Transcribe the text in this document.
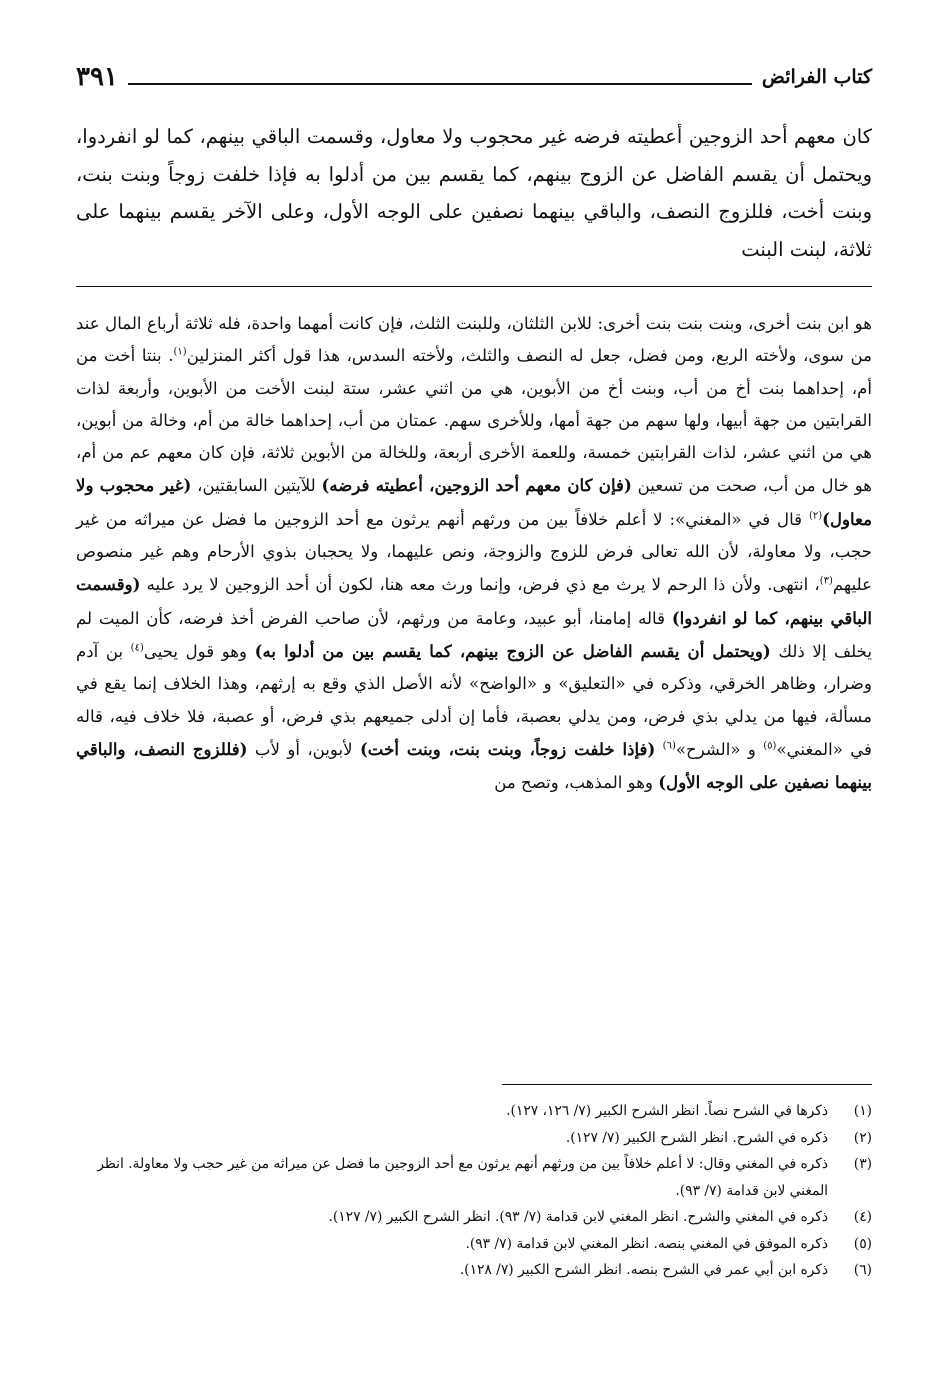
كتاب الفرائض
٣٩١

كان معهم أحد الزوجين أعطيته فرضه غير محجوب ولا معاول، وقسمت الباقي بينهم، كما لو انفردوا، ويحتمل أن يقسم الفاضل عن الزوج بينهم، كما يقسم بين من أدلوا به فإذا خلفت زوجاً وبنت بنت، وبنت أخت، فللزوج النصف، والباقي بينهما نصفين على الوجه الأول، وعلى الآخر يقسم بينهما على ثلاثة، لبنت البنت

هو ابن بنت أخرى، وبنت بنت بنت أخرى: للابن الثلثان، وللبنت الثلث، فإن كانت أمهما واحدة، فله ثلاثة أرباع المال عند من سوى، ولأخته الربع، ومن فضل، جعل له النصف والثلث، ولأخته السدس، هذا قول أكثر المنزلين$^{(١)}$. بنتا أخت من أم، إحداهما بنت أخ من أب، وبنت أخ من الأبوين، هي من اثني عشر، ستة لبنت الأخت من الأبوين، وأربعة لذات القرابتين من جهة أبيها، ولها سهم من جهة أمها، وللأخرى سهم. عمتان من أب، إحداهما خالة من أم، وخالة من أبوين، هي من اثني عشر، لذات القرابتين خمسة، وللعمة الأخرى أربعة، وللخالة من الأبوين ثلاثة، فإن كان معهم عم من أم، هو خال من أب، صحت من تسعين (فإن كان معهم أحد الزوجين، أعطيته فرضه) للآيتين السابقتين، (غير محجوب ولا معاول)$^{(٢)}$ قال في «المغني»: لا أعلم خلافاً بين من ورثهم أنهم يرثون مع أحد الزوجين ما فضل عن ميراثه من غير حجب، ولا معاولة، لأن الله تعالى فرض للزوج والزوجة، ونص عليهما، ولا يحجبان بذوي الأرحام وهم غير منصوص عليهم$^{(٣)}$، انتهى. ولأن ذا الرحم لا يرث مع ذي فرض، وإنما ورث معه هنا، لكون أن أحد الزوجين لا يرد عليه (وقسمت الباقي بينهم، كما لو انفردوا) قاله إمامنا، أبو عبيد، وعامة من ورثهم، لأن صاحب الفرض أخذ فرضه، كأن الميت لم يخلف إلا ذلك (ويحتمل أن يقسم الفاضل عن الزوج بينهم، كما يقسم بين من أدلوا به) وهو قول يحيى$^{(٤)}$ بن آدم وضرار، وظاهر الخرقي، وذكره في «التعليق» و «الواضح» لأنه الأصل الذي وقع به إرثهم، وهذا الخلاف إنما يقع في مسألة، فيها من يدلي بذي فرض، ومن يدلي بعصبة، فأما إن أدلى جميعهم بذي فرض، أو عصبة، فلا خلاف فيه، قاله في «المغني»$^{(٥)}$ و «الشرح»$^{(٦)}$ (فإذا خلفت زوجاً، وبنت بنت، وبنت أخت) لأبوين، أو لأب (فللزوج النصف، والباقي بينهما نصفين على الوجه الأول) وهو المذهب، وتصح من

(١)
ذكرها في الشرح نصاً. انظر الشرح الكبير (٧/ ١٢٦، ١٢٧).
(٢)
ذكره في الشرح. انظر الشرح الكبير (٧/ ١٢٧).
(٣)
ذكره في المغني وقال: لا أعلم خلافاً بين من ورثهم أنهم يرثون مع أحد الزوجين ما فضل عن ميراثه من غير حجب ولا معاولة. انظر المغني لابن قدامة (٧/ ٩٣).
(٤)
ذكره في المغني والشرح. انظر المغني لابن قدامة (٧/ ٩٣). انظر الشرح الكبير (٧/ ١٢٧).
(٥)
ذكره الموفق في المغني بنصه. انظر المغني لابن قدامة (٧/ ٩٣).
(٦)
ذكره ابن أبي عمر في الشرح بنصه. انظر الشرح الكبير (٧/ ١٢٨).
